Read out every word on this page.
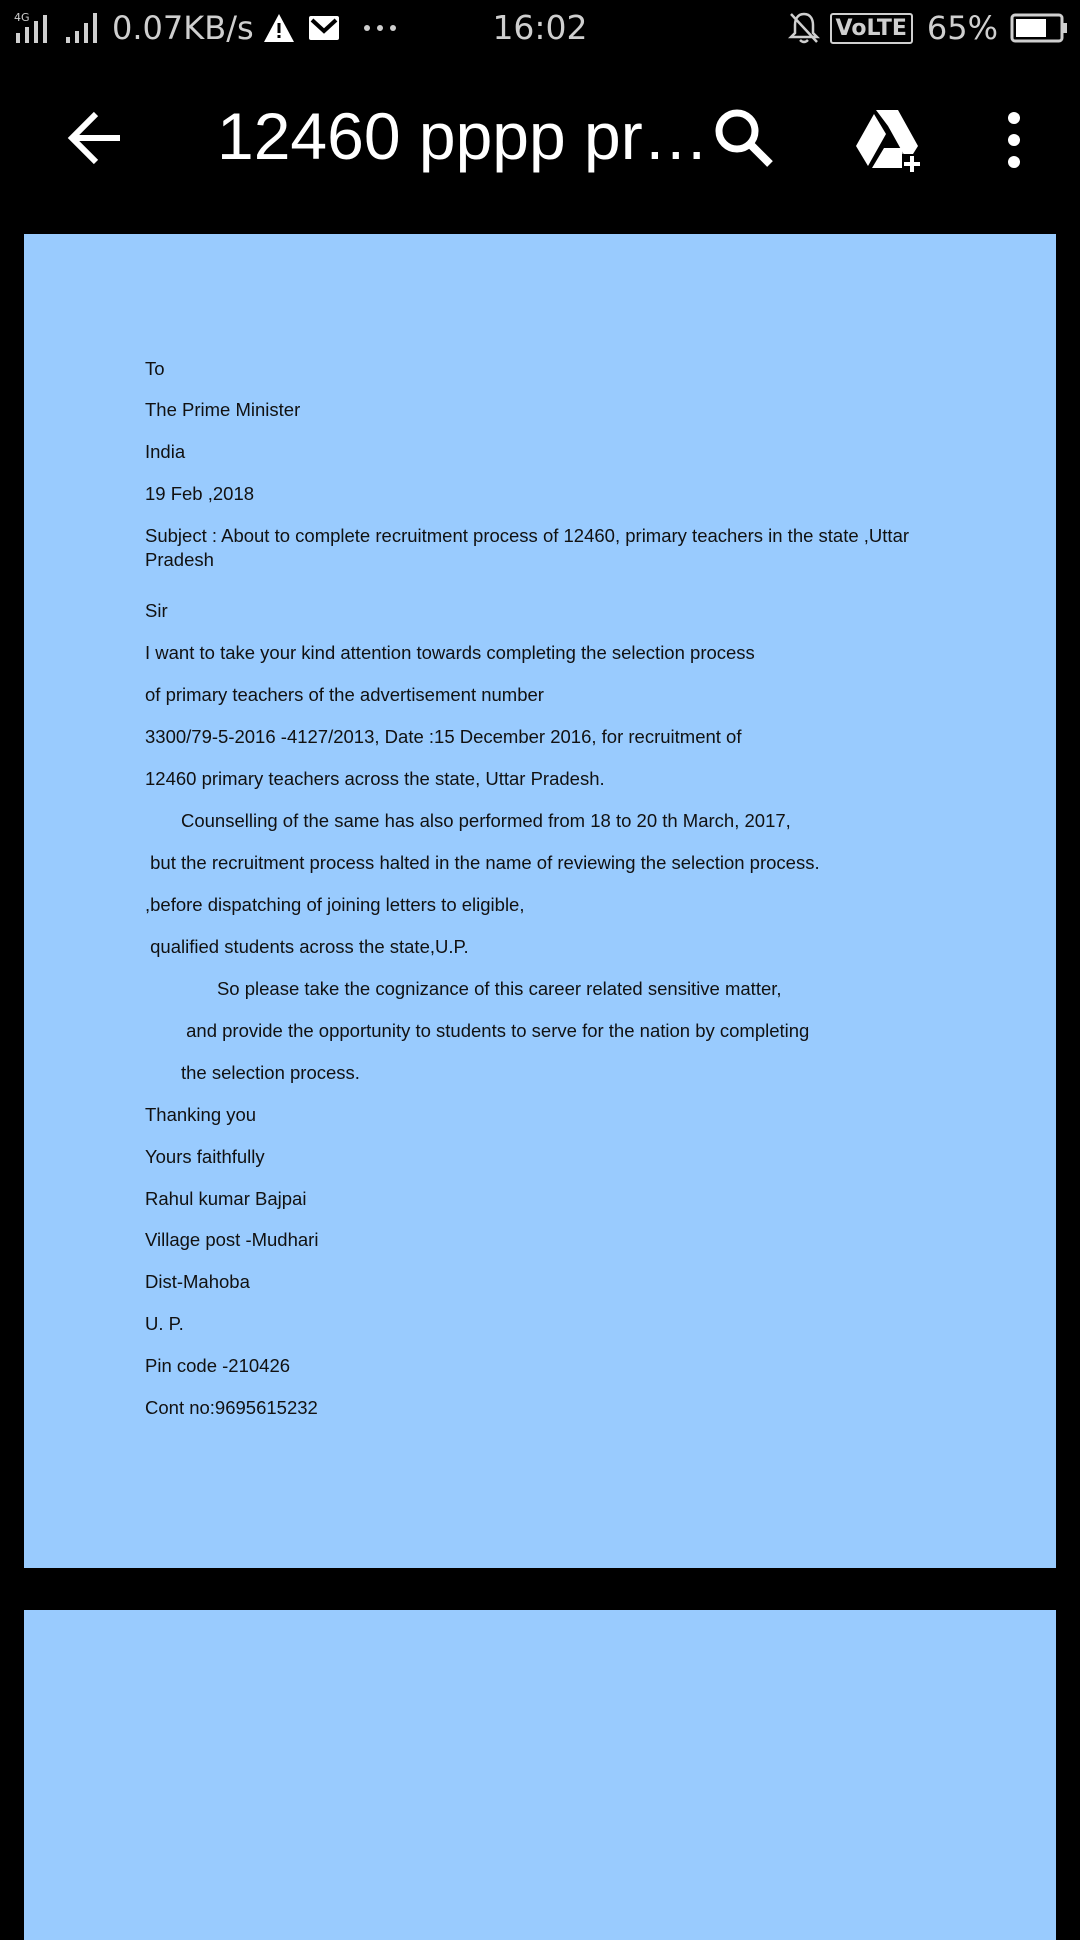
4G	0.07KB/s	16:02	VoLTE 65%
12460 pppp pr…

To

The Prime Minister

India

19 Feb ,2018

Subject : About to complete recruitment process of 12460, primary teachers in the state ,Uttar Pradesh

Sir

I want to take your kind attention towards completing the selection process

of primary teachers of the advertisement number

3300/79-5-2016 -4127/2013, Date :15 December 2016, for recruitment of

12460 primary teachers across the state, Uttar Pradesh.

Counselling of the same has also performed from 18 to 20 th March, 2017,

but the recruitment process halted in the name of reviewing the selection process.

,before dispatching of joining letters to eligible,

qualified students across the state,U.P.

So please take the cognizance of this career related sensitive matter,

and provide the opportunity to students to serve for the nation by completing

the selection process.

Thanking you

Yours faithfully

Rahul kumar Bajpai

Village post -Mudhari

Dist-Mahoba

U. P.

Pin code -210426

Cont no:9695615232
